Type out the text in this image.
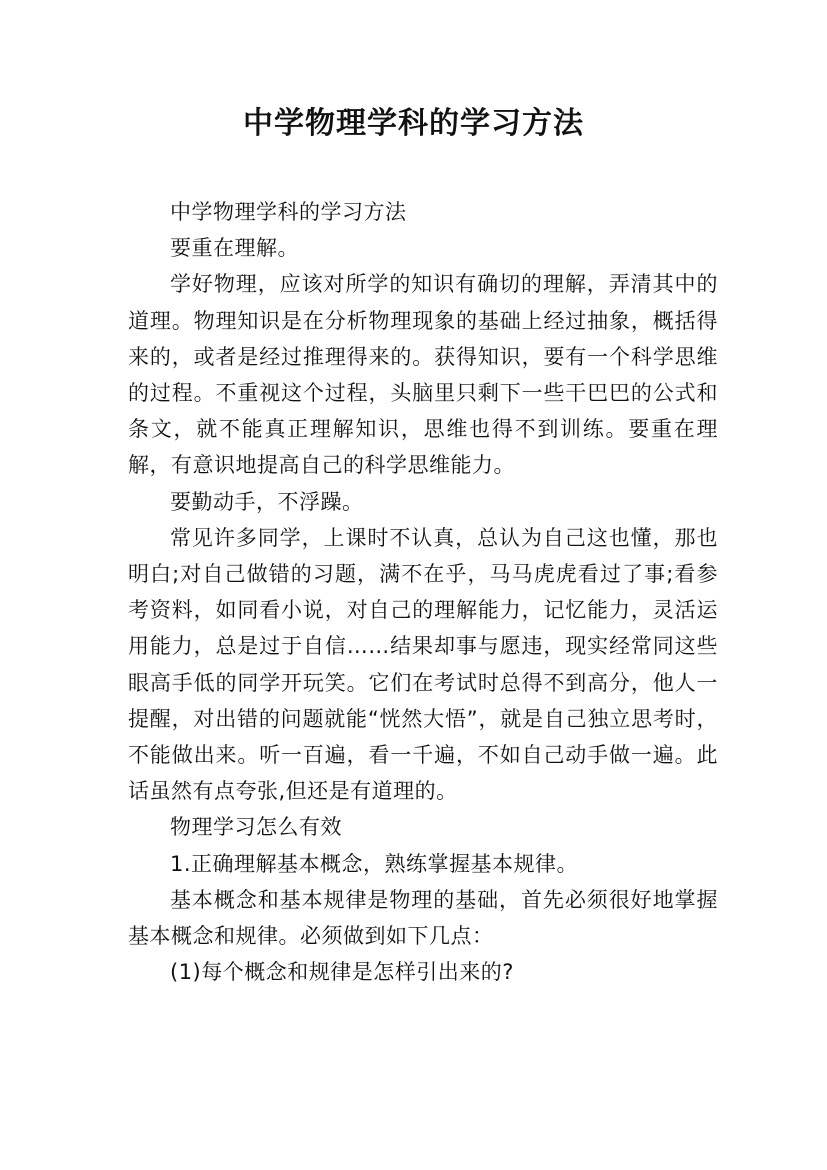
中学物理学科的学习方法

中学物理学科的学习方法

要重在理解。

学好物理，应该对所学的知识有确切的理解，弄清其中的道理。物理知识是在分析物理现象的基础上经过抽象，概括得来的，或者是经过推理得来的。获得知识，要有一个科学思维的过程。不重视这个过程，头脑里只剩下一些干巴巴的公式和条文，就不能真正理解知识，思维也得不到训练。要重在理解，有意识地提高自己的科学思维能力。

要勤动手，不浮躁。

常见许多同学，上课时不认真，总认为自己这也懂，那也明白;对自己做错的习题，满不在乎，马马虎虎看过了事;看参考资料，如同看小说，对自己的理解能力，记忆能力，灵活运用能力，总是过于自信……结果却事与愿违，现实经常同这些眼高手低的同学开玩笑。它们在考试时总得不到高分，他人一提醒，对出错的问题就能“恍然大悟”，就是自己独立思考时，不能做出来。听一百遍，看一千遍，不如自己动手做一遍。此话虽然有点夸张,但还是有道理的。

物理学习怎么有效

1.正确理解基本概念，熟练掌握基本规律。

基本概念和基本规律是物理的基础，首先必须很好地掌握基本概念和规律。必须做到如下几点：

(1)每个概念和规律是怎样引出来的?
